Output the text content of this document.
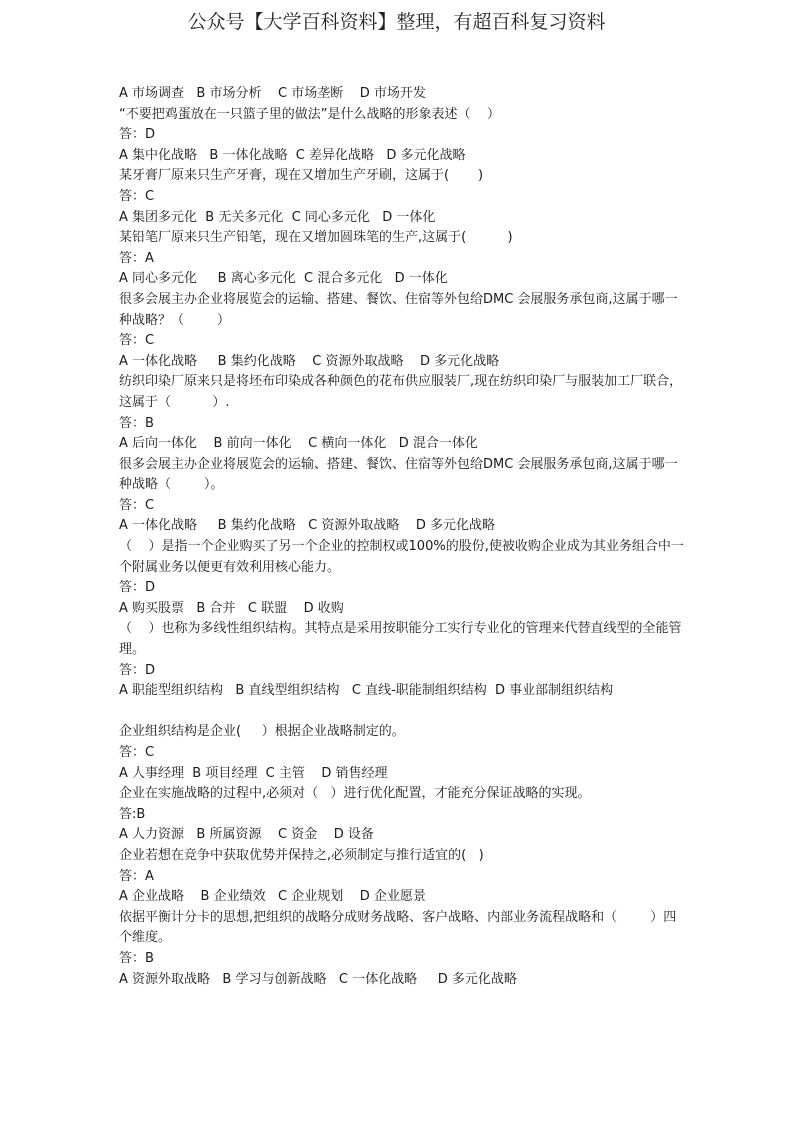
公众号【大学百科资料】整理，有超百科复习资料
A 市场调查   B 市场分析    C 市场垄断    D 市场开发
“不要把鸡蛋放在一只篮子里的做法”是什么战略的形象表述（    ）
答：D
A 集中化战略   B 一体化战略  C 差异化战略   D 多元化战略
某牙膏厂原来只生产牙膏，现在又增加生产牙刷，这属于(       )
答：C
A 集团多元化  B 无关多元化  C 同心多元化   D 一体化
某铅笔厂原来只生产铅笔，现在又增加圆珠笔的生产,这属于(          )
答：A
A 同心多元化     B 离心多元化  C 混合多元化   D 一体化
很多会展主办企业将展览会的运输、搭建、餐饮、住宿等外包给DMC 会展服务承包商,这属于哪一种战略？（        ）
答：C
A 一体化战略     B 集约化战略    C 资源外取战略    D 多元化战略
纺织印染厂原来只是将坯布印染成各种颜色的花布供应服装厂,现在纺织印染厂与服装加工厂联合，这属于（          ）.
答：B
A 后向一体化    B 前向一体化    C 横向一体化   D 混合一体化
很多会展主办企业将展览会的运输、搭建、餐饮、住宿等外包给DMC 会展服务承包商,这属于哪一种战略（        ）。
答：C
A 一体化战略     B 集约化战略   C 资源外取战略    D 多元化战略
（    ）是指一个企业购买了另一个企业的控制权或100%的股份,使被收购企业成为其业务组合中一个附属业务以便更有效利用核心能力。
答：D
A 购买股票   B 合并   C 联盟    D 收购
（    ）也称为多线性组织结构。其特点是采用按职能分工实行专业化的管理来代替直线型的全能管理。
答：D
A 职能型组织结构   B 直线型组织结构   C 直线-职能制组织结构  D 事业部制组织结构
企业组织结构是企业(     ）根据企业战略制定的。
答：C
A 人事经理  B 项目经理  C 主管    D 销售经理
企业在实施战略的过程中,必须对（   ）进行优化配置，才能充分保证战略的实现。
答:B
A 人力资源   B 所属资源    C 资金    D 设备
企业若想在竞争中获取优势并保持之,必须制定与推行适宜的(   )
答：A
A 企业战略    B 企业绩效   C 企业规划    D 企业愿景
依据平衡计分卡的思想,把组织的战略分成财务战略、客户战略、内部业务流程战略和（        ）四个维度。
答：B
A 资源外取战略   B 学习与创新战略   C 一体化战略     D 多元化战略
